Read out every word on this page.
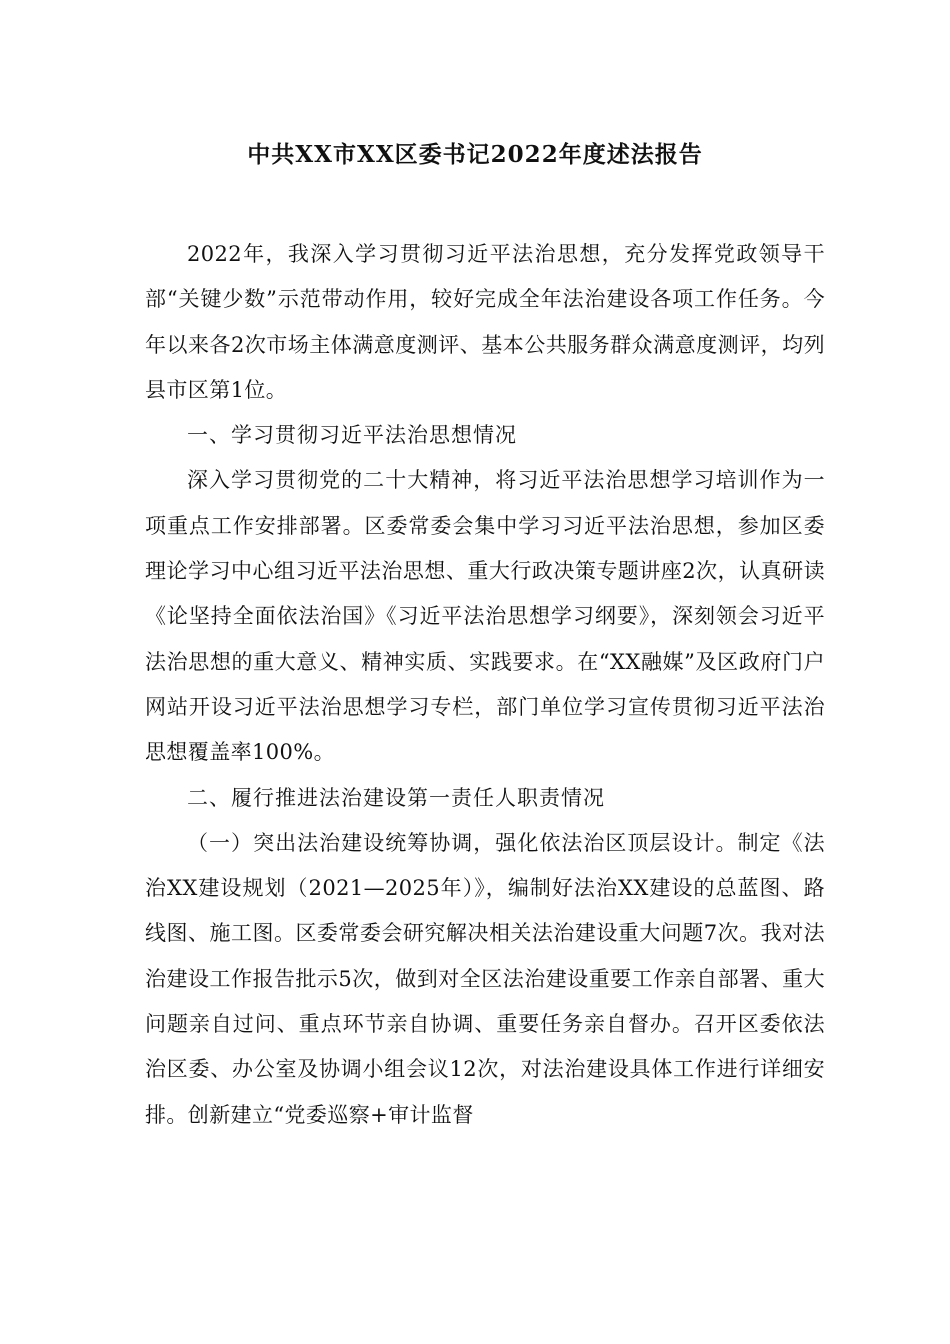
中共XX市XX区委书记2022年度述法报告

2022年，我深入学习贯彻习近平法治思想，充分发挥党政领导干部“关键少数”示范带动作用，较好完成全年法治建设各项工作任务。今年以来各2次市场主体满意度测评、基本公共服务群众满意度测评，均列县市区第1位。

一、学习贯彻习近平法治思想情况

深入学习贯彻党的二十大精神，将习近平法治思想学习培训作为一项重点工作安排部署。区委常委会集中学习习近平法治思想，参加区委理论学习中心组习近平法治思想、重大行政决策专题讲座2次，认真研读《论坚持全面依法治国》《习近平法治思想学习纲要》，深刻领会习近平法治思想的重大意义、精神实质、实践要求。在“XX融媒”及区政府门户网站开设习近平法治思想学习专栏，部门单位学习宣传贯彻习近平法治思想覆盖率100%。

二、履行推进法治建设第一责任人职责情况

（一）突出法治建设统筹协调，强化依法治区顶层设计。制定《法治XX建设规划（2021—2025年）》，编制好法治XX建设的总蓝图、路线图、施工图。区委常委会研究解决相关法治建设重大问题7次。我对法治建设工作报告批示5次，做到对全区法治建设重要工作亲自部署、重大问题亲自过问、重点环节亲自协调、重要任务亲自督办。召开区委依法治区委、办公室及协调小组会议12次，对法治建设具体工作进行详细安排。创新建立“党委巡察+审计监督
